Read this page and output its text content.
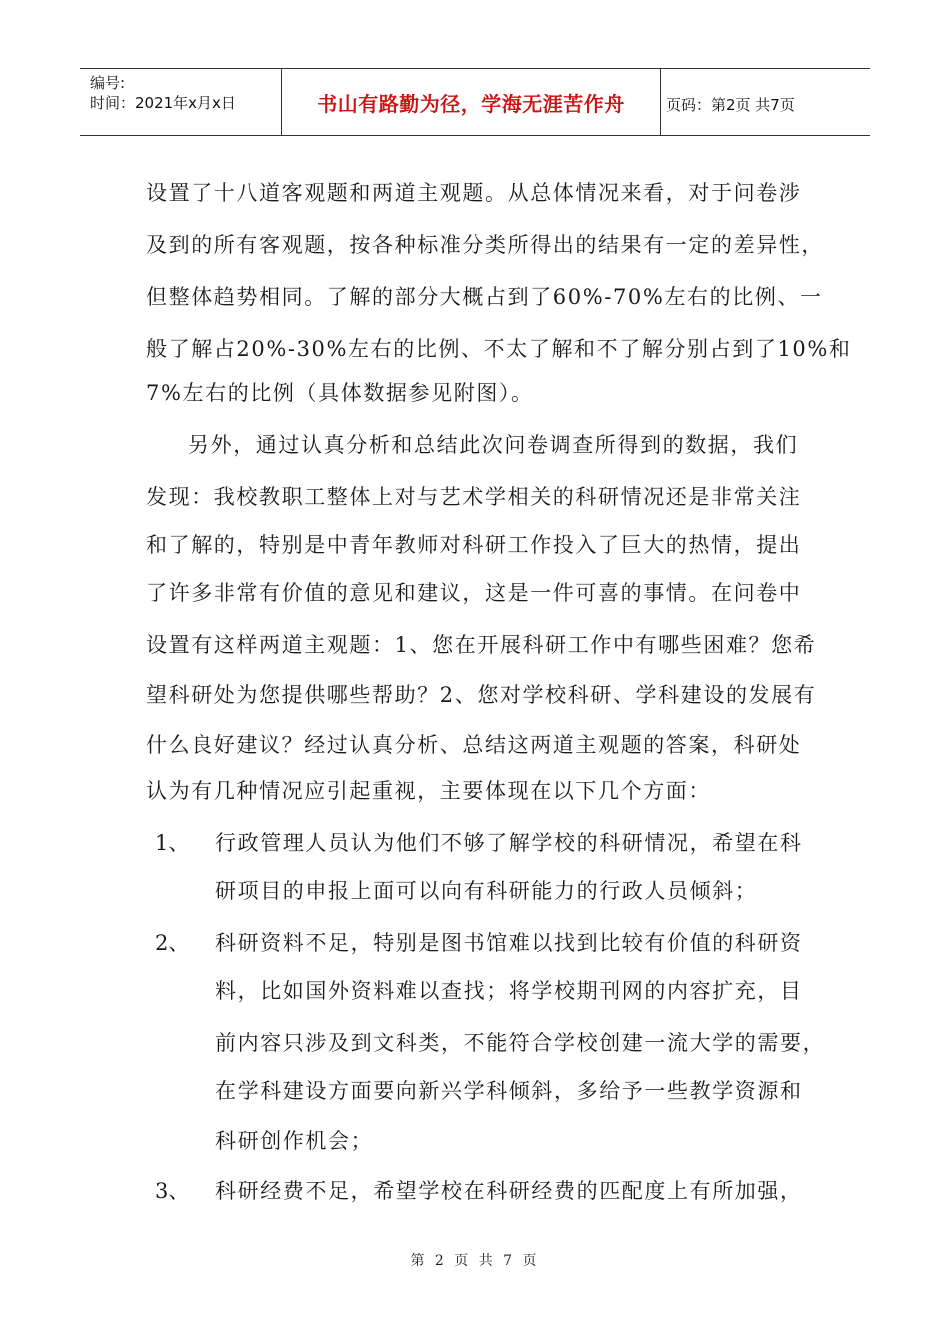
编号:
时间：2021年x月x日	书山有路勤为径，学海无涯苦作舟	页码：第2页 共7页
设置了十八道客观题和两道主观题。从总体情况来看，对于问卷涉
及到的所有客观题，按各种标准分类所得出的结果有一定的差异性，
但整体趋势相同。了解的部分大概占到了60%-70%左右的比例、一
般了解占20%-30%左右的比例、不太了解和不了解分别占到了10%和
7%左右的比例（具体数据参见附图）。
另外，通过认真分析和总结此次问卷调查所得到的数据，我们
发现：我校教职工整体上对与艺术学相关的科研情况还是非常关注
和了解的，特别是中青年教师对科研工作投入了巨大的热情，提出
了许多非常有价值的意见和建议，这是一件可喜的事情。在问卷中
设置有这样两道主观题：1、您在开展科研工作中有哪些困难？您希
望科研处为您提供哪些帮助？2、您对学校科研、学科建设的发展有
什么良好建议？经过认真分析、总结这两道主观题的答案，科研处
认为有几种情况应引起重视，主要体现在以下几个方面：
1、 行政管理人员认为他们不够了解学校的科研情况，希望在科
研项目的申报上面可以向有科研能力的行政人员倾斜；
2、 科研资料不足，特别是图书馆难以找到比较有价值的科研资
料，比如国外资料难以查找；将学校期刊网的内容扩充，目
前内容只涉及到文科类，不能符合学校创建一流大学的需要，
在学科建设方面要向新兴学科倾斜，多给予一些教学资源和
科研创作机会；
3、 科研经费不足，希望学校在科研经费的匹配度上有所加强，
第 2 页 共 7 页
